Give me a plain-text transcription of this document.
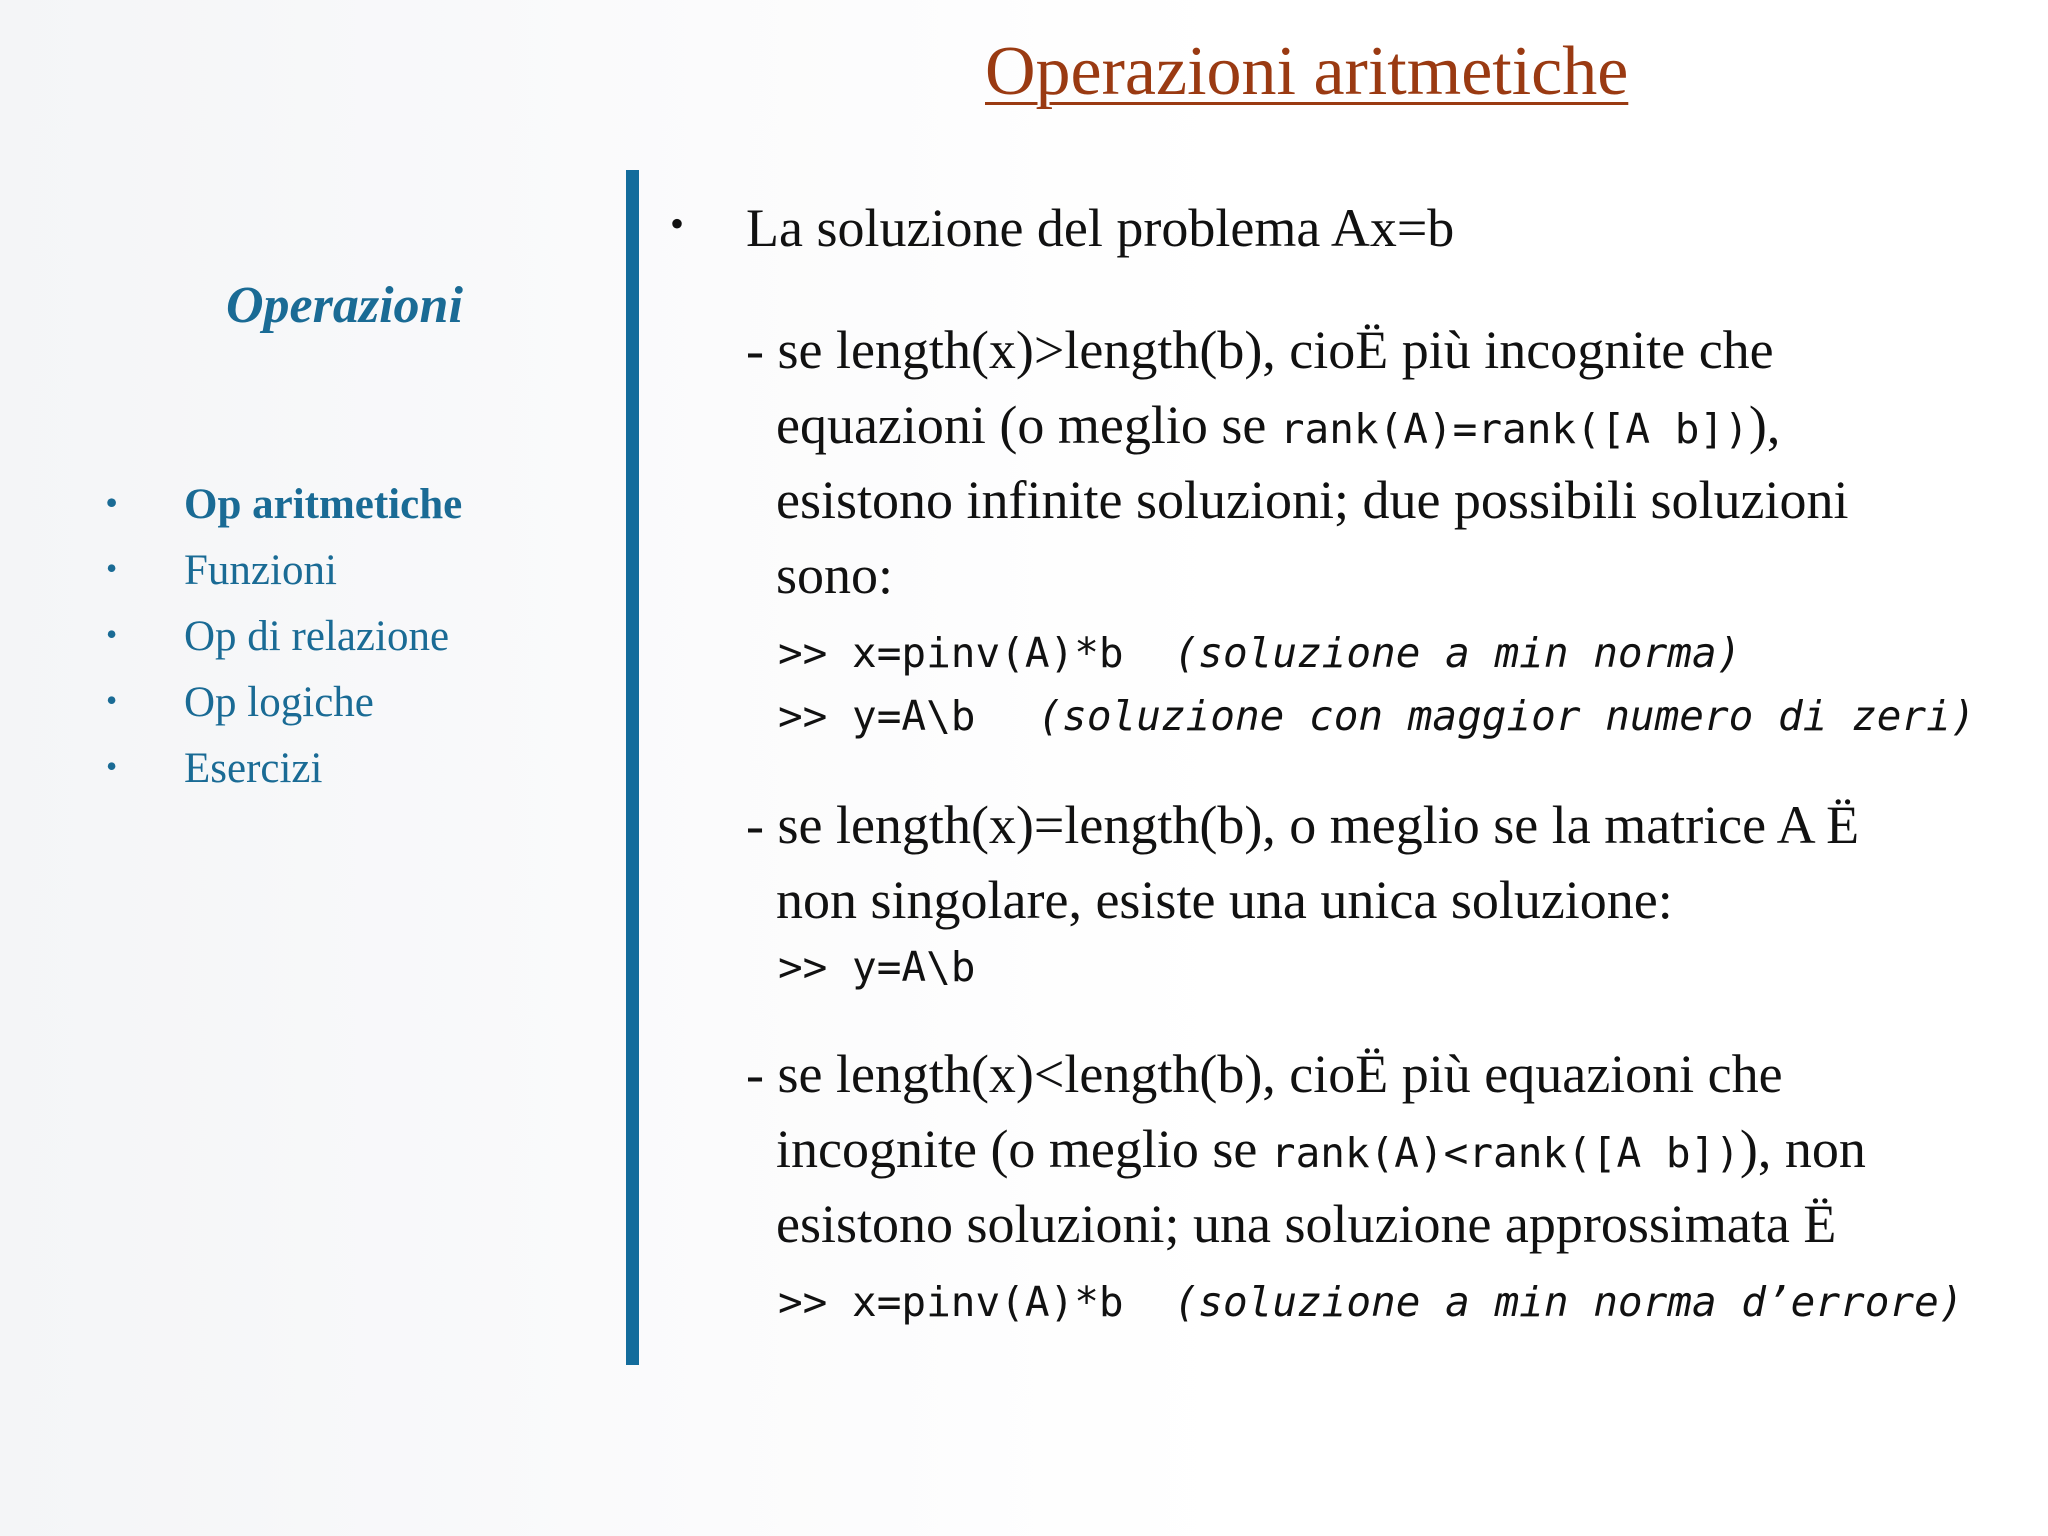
Operazioni aritmetiche
Operazioni
• Op aritmetiche
• Funzioni
• Op di relazione
• Op logiche
• Esercizi
• La soluzione del problema Ax=b
- se length(x)>length(b), cioË più incognite che
equazioni (o meglio se rank(A)=rank([A b])),
esistono infinite soluzioni; due possibili soluzioni
sono:
>> x=pinv(A)*b (soluzione a min norma)
>> y=A\b (soluzione con maggior numero di zeri)
- se length(x)=length(b), o meglio se la matrice A Ë
non singolare, esiste una unica soluzione:
>> y=A\b
- se length(x)<length(b), cioË più equazioni che
incognite (o meglio se rank(A)<rank([A b])), non
esistono soluzioni; una soluzione approssimata Ë
>> x=pinv(A)*b (soluzione a min norma d’errore)
